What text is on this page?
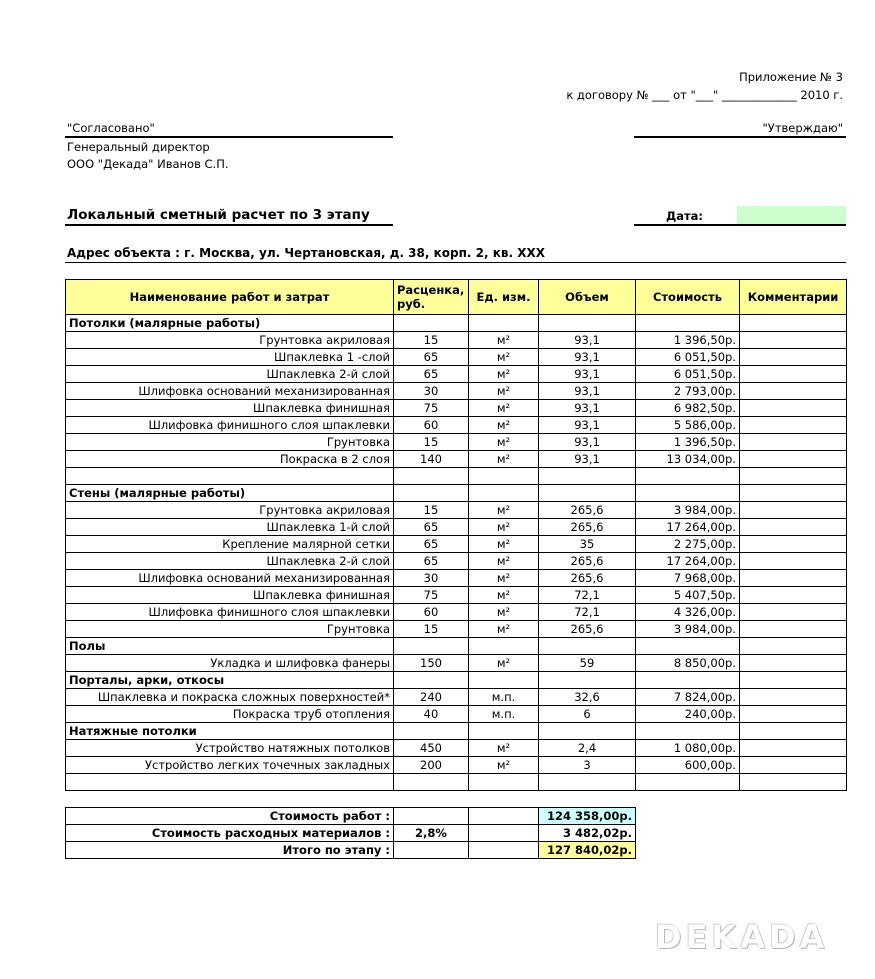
Приложение № 3
к договору № ___ от "___" _____________ 2010 г.
"Согласовано"
Генеральный директор
ООО "Декада" Иванов С.П.
"Утверждаю"
Локальный сметный расчет по 3 этапу	Дата:
Адрес объекта : г. Москва, ул. Чертановская, д. 38, корп. 2, кв. ХХХ
Наименование работ и затрат	Расценка, руб.	Ед. изм.	Объем	Стоимость	Комментарии
Потолки (малярные работы)					
Грунтовка акриловая	15	м²	93,1	1 396,50р.	
Шпаклевка 1 -слой	65	м²	93,1	6 051,50р.	
Шпаклевка 2-й слой	65	м²	93,1	6 051,50р.	
Шлифовка оснований механизированная	30	м²	93,1	2 793,00р.	
Шпаклевка финишная	75	м²	93,1	6 982,50р.	
Шлифовка финишного слоя шпаклевки	60	м²	93,1	5 586,00р.	
Грунтовка	15	м²	93,1	1 396,50р.	
Покраска в 2 слоя	140	м²	93,1	13 034,00р.	

Стены (малярные работы)					
Грунтовка акриловая	15	м²	265,6	3 984,00р.	
Шпаклевка 1-й слой	65	м²	265,6	17 264,00р.	
Крепление малярной сетки	65	м²	35	2 275,00р.	
Шпаклевка 2-й слой	65	м²	265,6	17 264,00р.	
Шлифовка оснований механизированная	30	м²	265,6	7 968,00р.	
Шпаклевка финишная	75	м²	72,1	5 407,50р.	
Шлифовка финишного слоя шпаклевки	60	м²	72,1	4 326,00р.	
Грунтовка	15	м²	265,6	3 984,00р.	
Полы					
Укладка и шлифовка фанеры	150	м²	59	8 850,00р.	
Порталы, арки, откосы					
Шпаклевка и покраска сложных поверхностей*	240	м.п.	32,6	7 824,00р.	
Покраска труб отопления	40	м.п.	6	240,00р.	
Натяжные потолки					
Устройство натяжных потолков	450	м²	2,4	1 080,00р.	
Устройство легких точечных закладных	200	м²	3	600,00р.	

Стоимость работ :			124 358,00р.
Стоимость расходных материалов :	2,8%		3 482,02р.
Итого по этапу :			127 840,02р.
DEKADA
